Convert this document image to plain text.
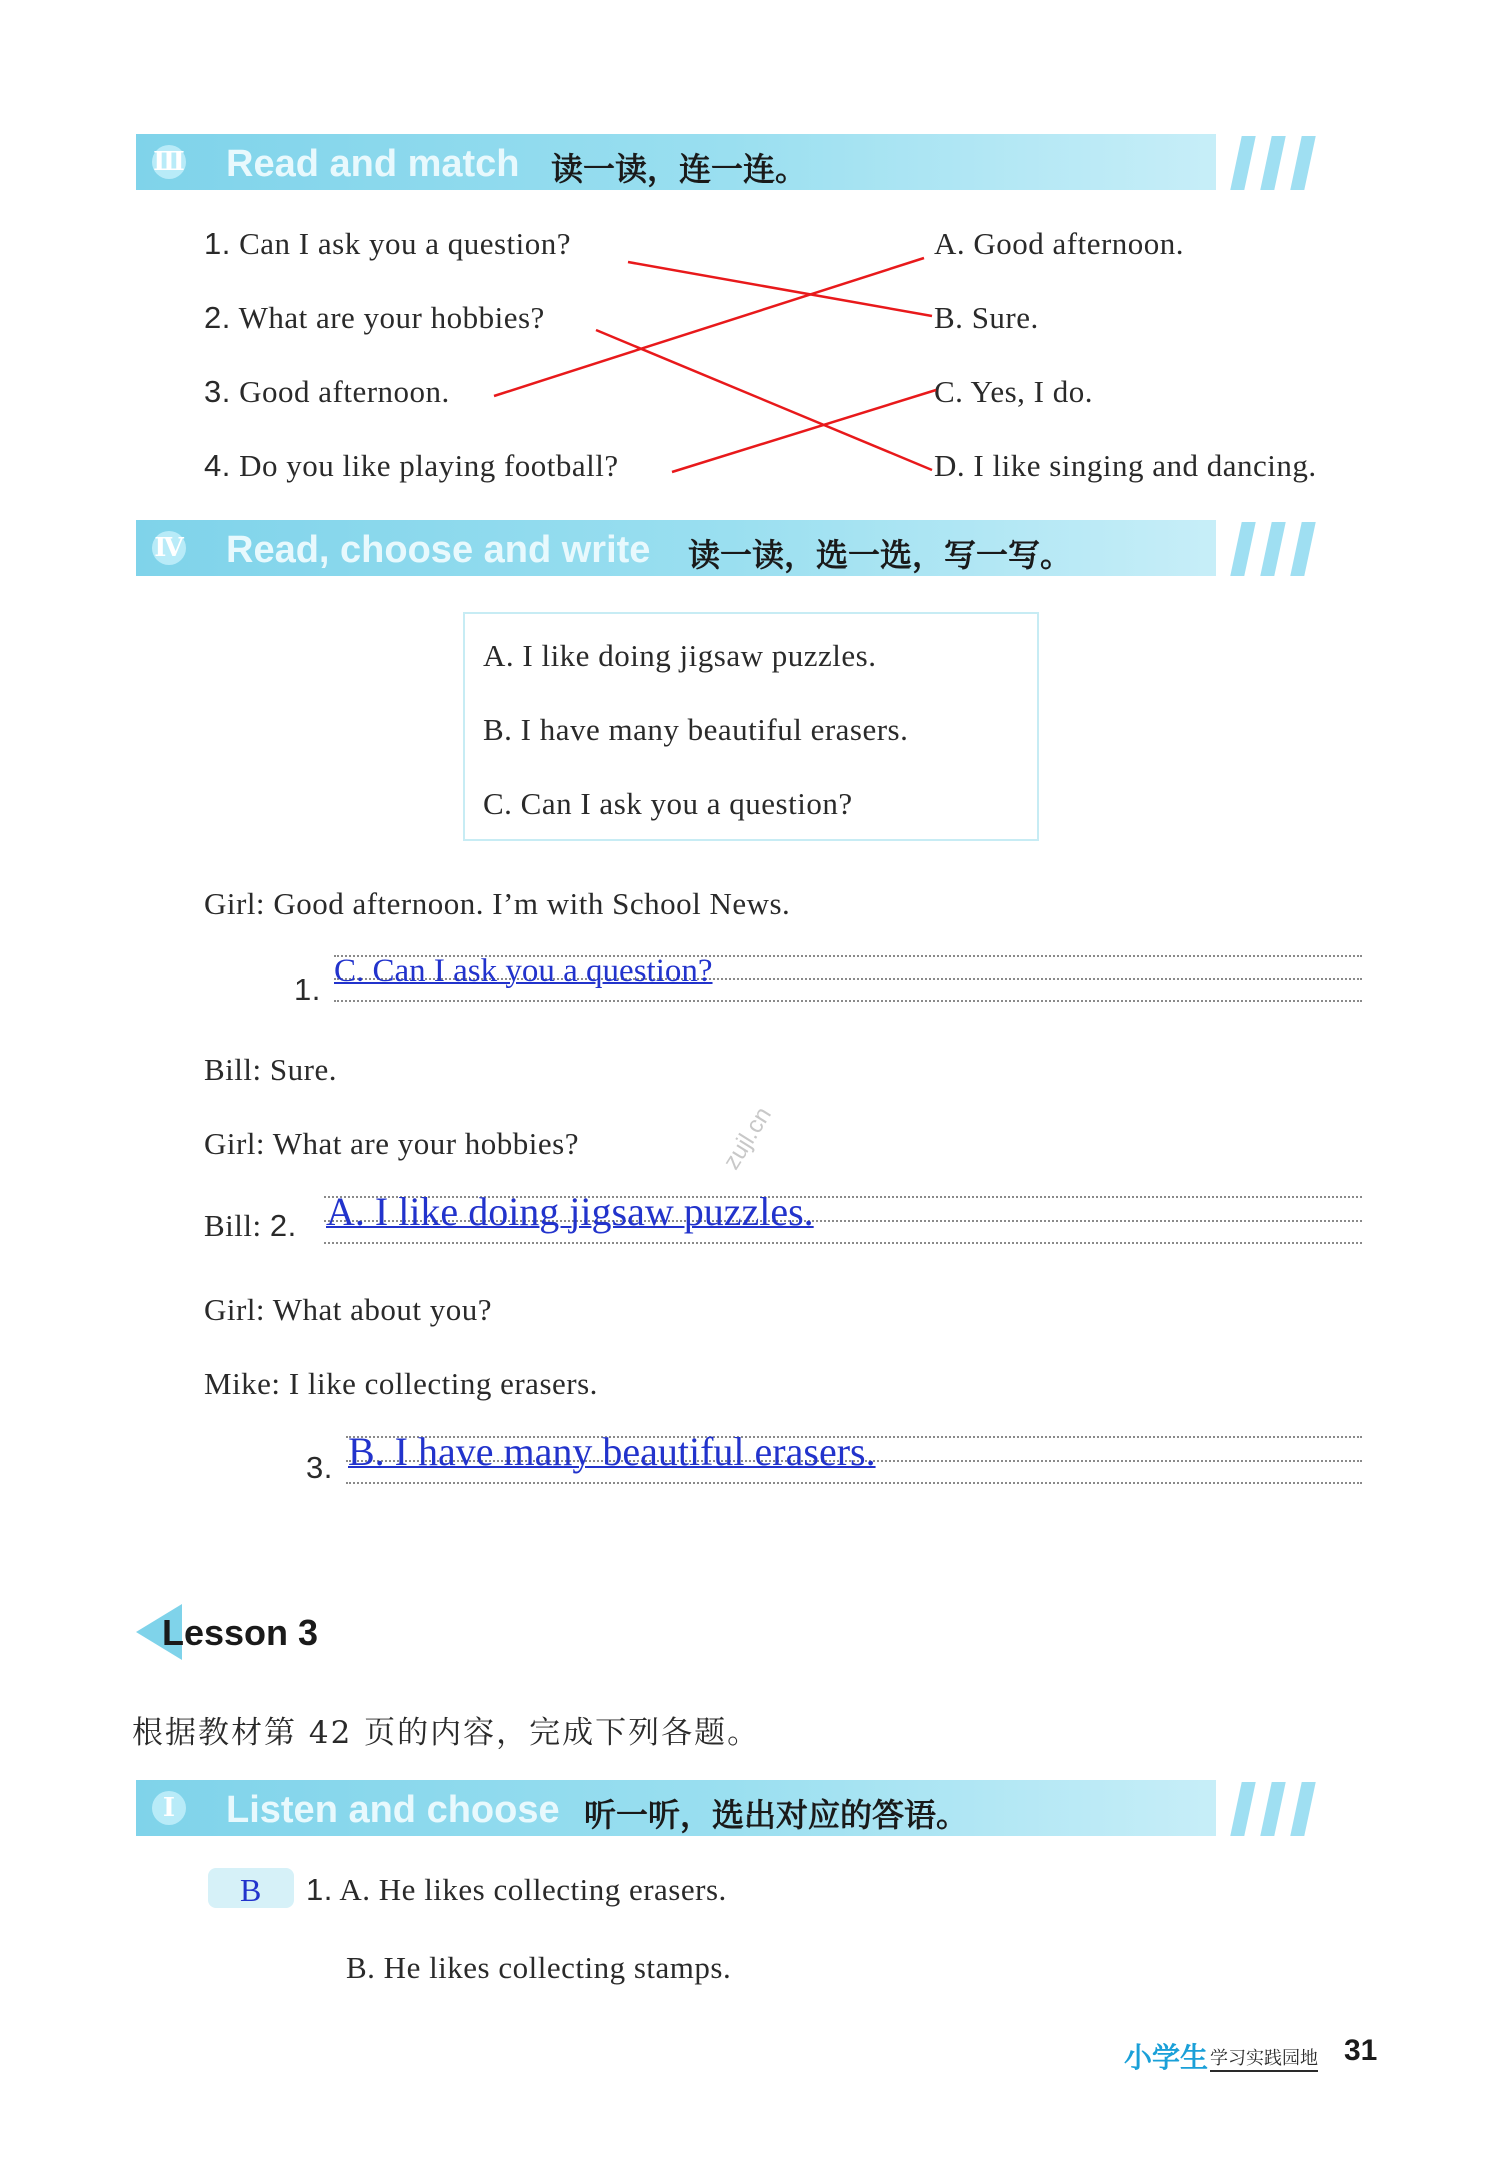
Ⅲ Read and match 读一读，连一连。
1. Can I ask you a question?
2. What are your hobbies?
3. Good afternoon.
4. Do you like playing football?
A. Good afternoon.
B. Sure.
C. Yes, I do.
D. I like singing and dancing.
Ⅳ Read, choose and write 读一读，选一选，写一写。
A. I like doing jigsaw puzzles.
B. I have many beautiful erasers.
C. Can I ask you a question?
Girl: Good afternoon. I’m with School News.
1.
C. Can I ask you a question?
Bill: Sure.
Girl: What are your hobbies?
Bill: 2. A. I like doing jigsaw puzzles.
zujl.cn
Girl: What about you?
Mike: I like collecting erasers.
3. B. I have many beautiful erasers.
Lesson 3
根据教材第 42 页的内容，完成下列各题。
Ⅰ Listen and choose 听一听，选出对应的答语。
B 1. A. He likes collecting erasers.
B. He likes collecting stamps.
小学生 学习实践园地 31
